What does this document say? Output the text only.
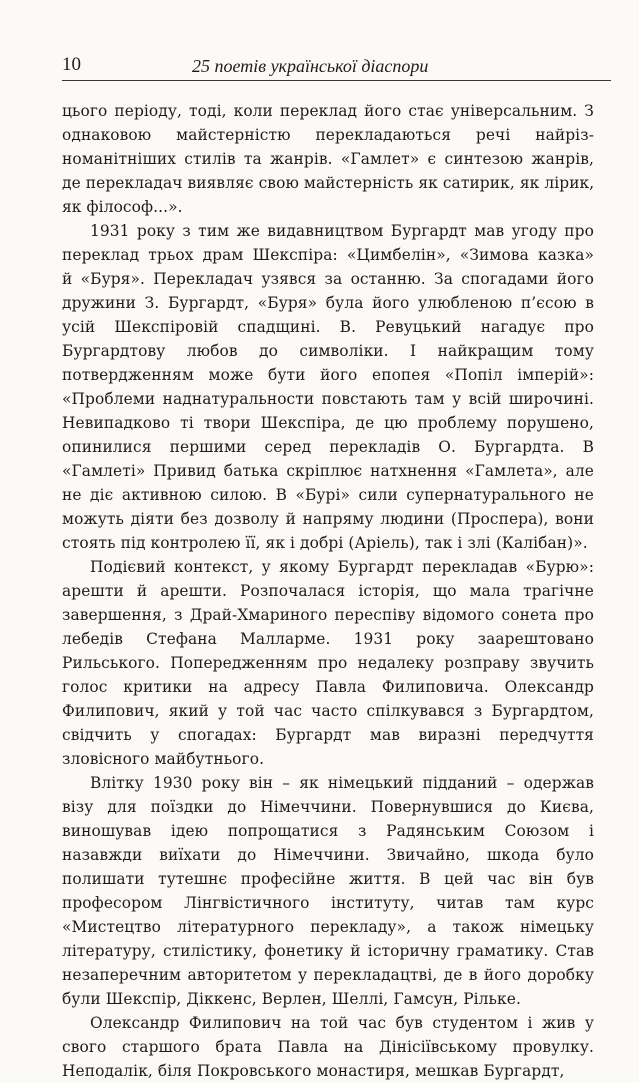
10	25 поетів української діаспори
цього періоду, тоді, коли переклад його стає універсальним. З
однаковою майстерністю перекладаються речі найріз-
номанітніших стилів та жанрів. «Гамлет» є синтезою жанрів,
де перекладач виявляє свою майстерність як сатирик, як лірик,
як філософ...».
1931 року з тим же видавництвом Бургардт мав угоду про
переклад трьох драм Шекспіра: «Цимбелін», «Зимова казка»
й «Буря». Перекладач узявся за останню. За спогадами його
дружини З. Бургардт, «Буря» була його улюбленою п’єсою в
усій Шекспіровій спадщині. В. Ревуцький нагадує про
Бургардтову любов до символіки. І найкращим тому
потвердженням може бути його епопея «Попіл імперій»:
«Проблеми наднатуральности повстають там у всій широчині.
Невипадково ті твори Шекспіра, де цю проблему порушено,
опинилися першими серед перекладів О. Бургардта. В
«Гамлеті» Привид батька скріплює натхнення «Гамлета», але
не діє активною силою. В «Бурі» сили супернатурального не
можуть діяти без дозволу й напряму людини (Проспера), вони
стоять під контролею її, як і добрі (Аріель), так і злі (Калібан)».
Подієвий контекст, у якому Бургардт перекладав «Бурю»:
арешти й арешти. Розпочалася історія, що мала трагічне
завершення, з Драй-Хмариного переспіву відомого сонета про
лебедів Стефана Малларме. 1931 року заарештовано
Рильського. Попередженням про недалеку розправу звучить
голос критики на адресу Павла Филиповича. Олександр
Филипович, який у той час часто спілкувався з Бургардтом,
свідчить у спогадах: Бургардт мав виразні передчуття
зловісного майбутнього.
Влітку 1930 року він – як німецький підданий – одержав
візу для поїздки до Німеччини. Повернувшися до Києва,
виношував ідею попрощатися з Радянським Союзом і
назавжди виїхати до Німеччини. Звичайно, шкода було
полишати тутешнє професійне життя. В цей час він був
професором Лінгвістичного інституту, читав там курс
«Мистецтво літературного перекладу», а також німецьку
літературу, стилістику, фонетику й історичну граматику. Став
незаперечним авторитетом у перекладацтві, де в його доробку
були Шекспір, Діккенс, Верлен, Шеллі, Гамсун, Рільке.
Олександр Филипович на той час був студентом і жив у
свого старшого брата Павла на Дінісіївському провулку.
Неподалік, біля Покровського монастиря, мешкав Бургардт,
